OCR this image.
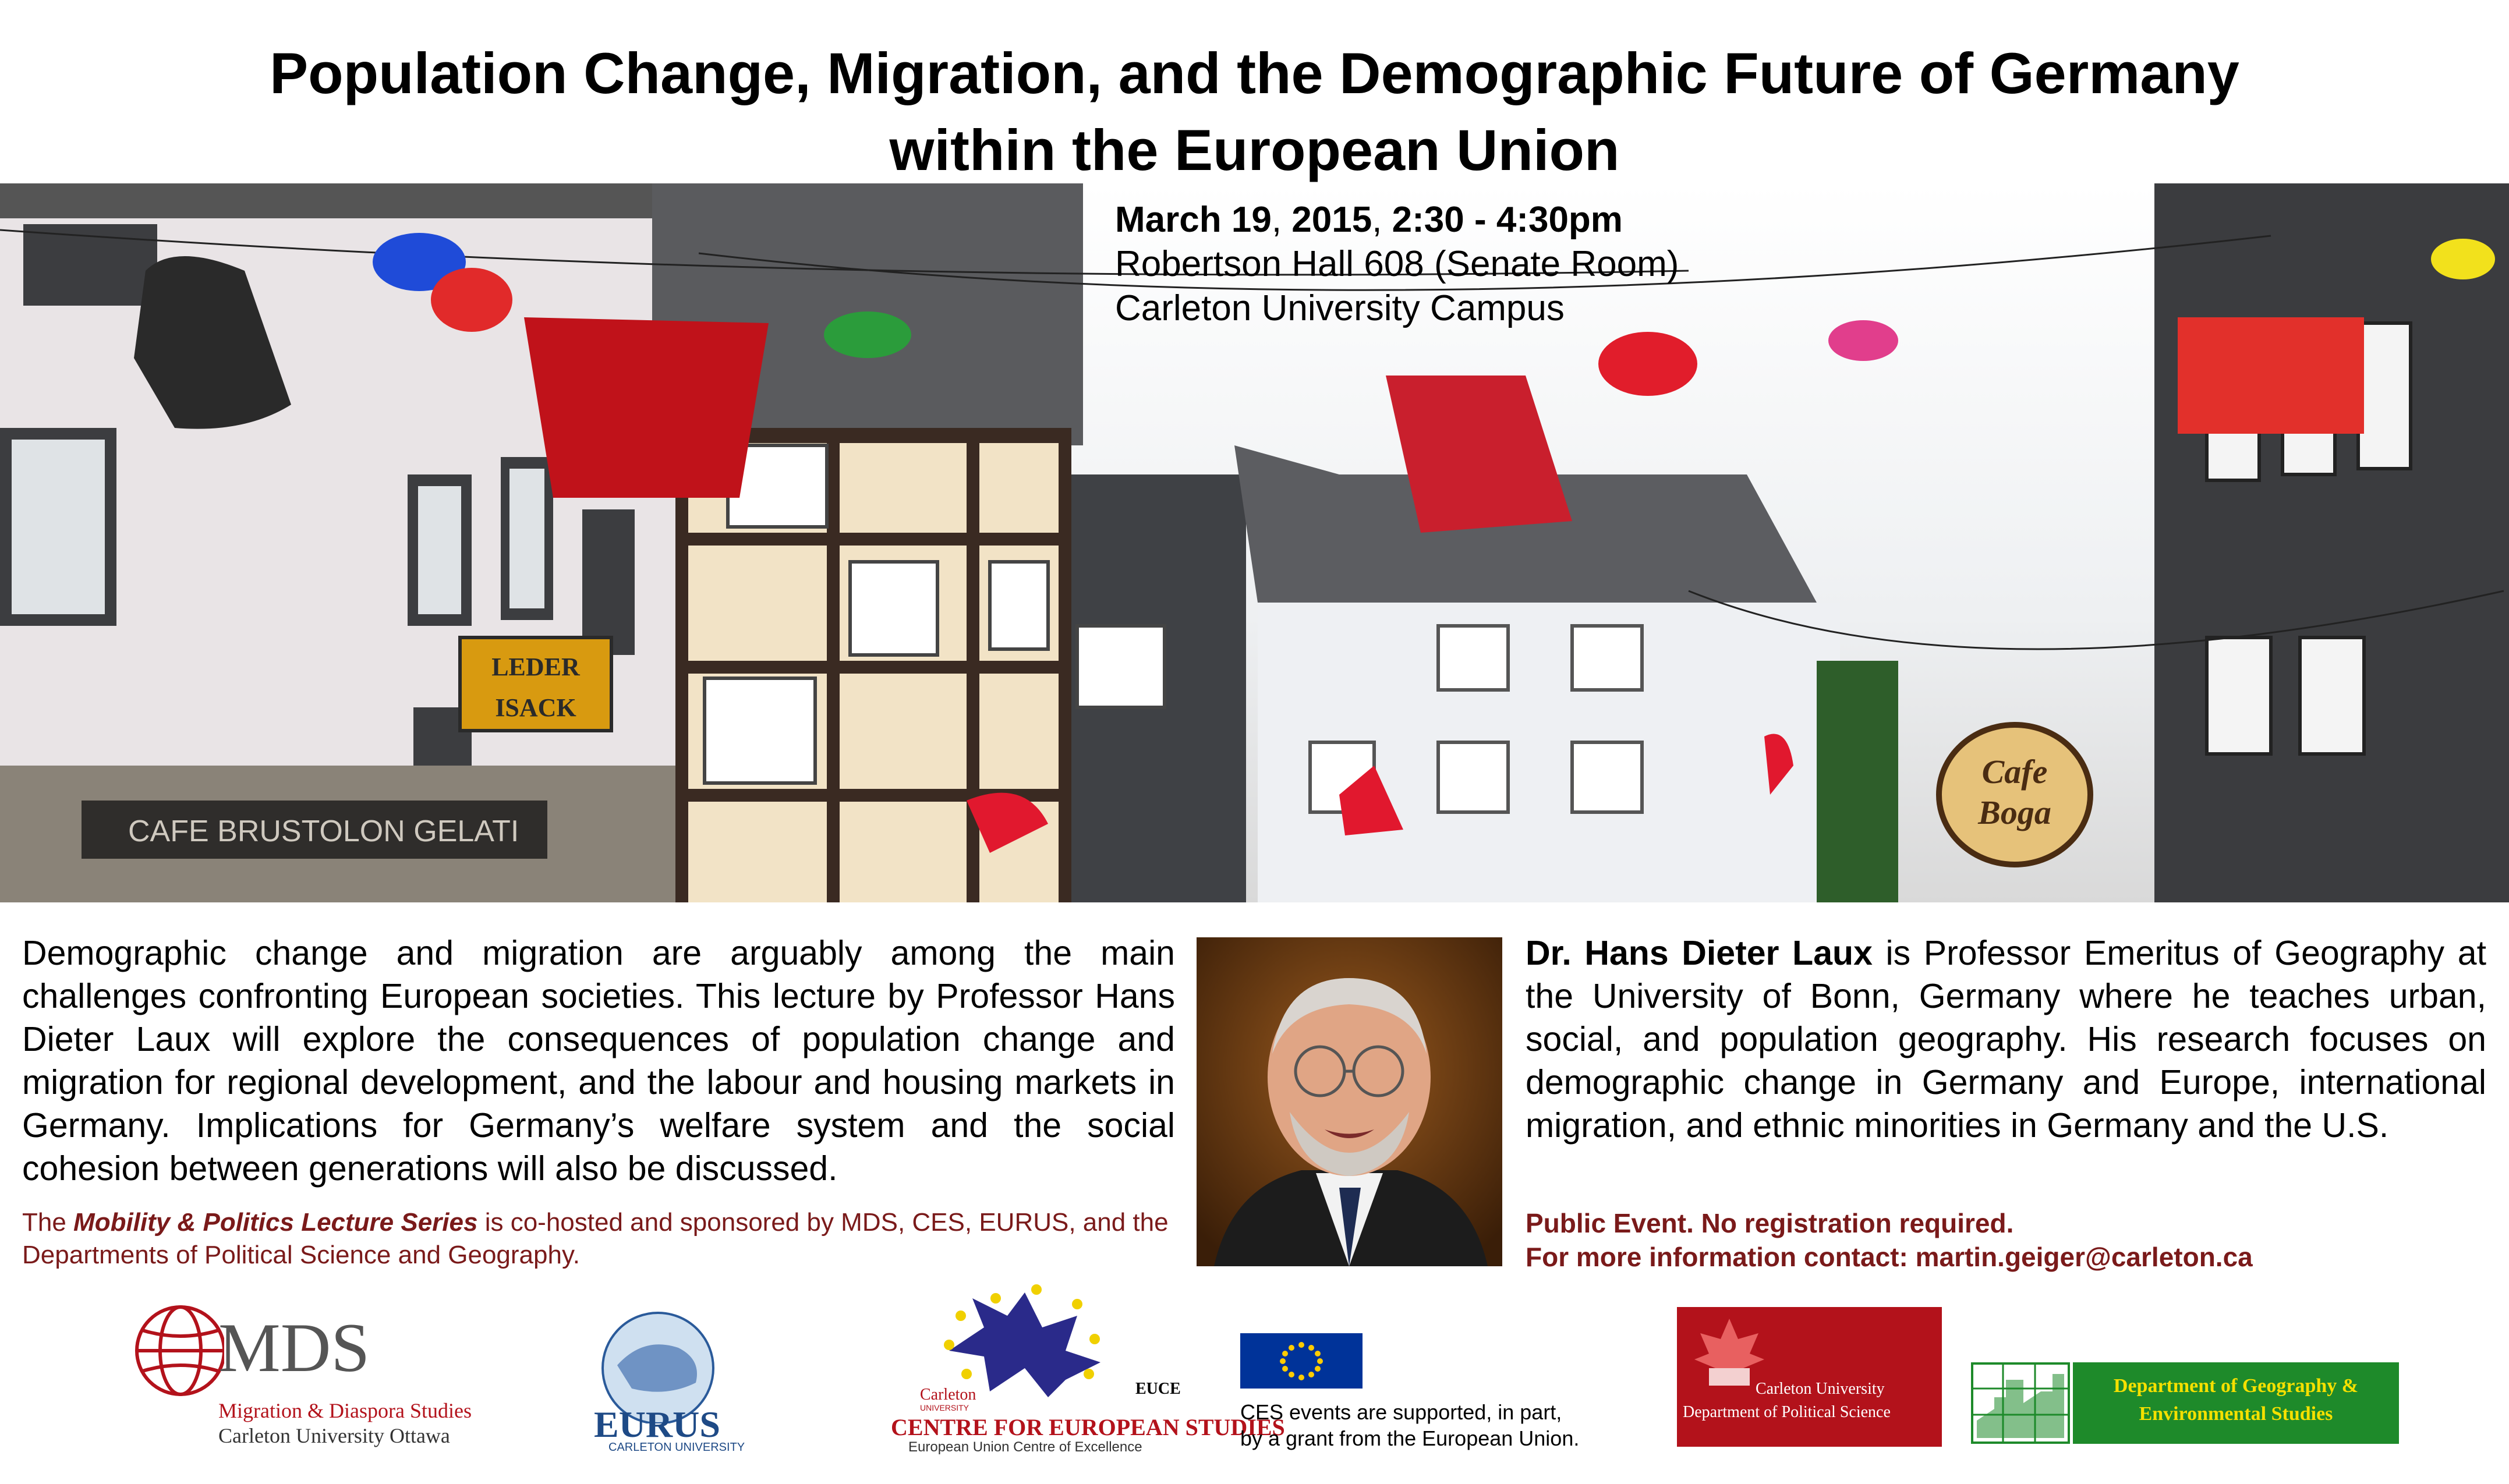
Population Change, Migration, and the Demographic Future of Germany
within the European Union
CAFE BRUSTOLON GELATI
LEDER
ISACK
Cafe
Boga
March 19, 2015, 2:30 - 4:30pm
Robertson Hall 608 (Senate Room)
Carleton University Campus
Demographic change and migration are arguably among the main challenges confronting European societies. This lecture by Professor Hans Dieter Laux will explore the consequences of population change and migration for regional development, and the labour and housing markets in Germany. Implications for Germany’s welfare system and the social cohesion between generations will also be discussed.
The Mobility & Politics Lecture Series is co-hosted and sponsored by MDS, CES, EURUS, and the Departments of Political Science and Geography.
Dr. Hans Dieter Laux is Professor Emeritus of Geography at the University of Bonn, Germany where he teaches urban, social, and population geography. His research focuses on demographic change in Germany and Europe, international migration, and ethnic minorities in Germany and the U.S.
Public Event. No registration required.
For more information contact: martin.geiger@carleton.ca
MDS
Migration & Diaspora Studies
Carleton University Ottawa	EURUS
CARLETON UNIVERSITY
EUCE
Carleton
UNIVERSITY
CENTRE FOR EUROPEAN STUDIES
European Union Centre of Excellence
CES events are supported, in part,
by a grant from the European Union.
Carleton University
Department of Political Science
Department of Geography &
Environmental Studies
